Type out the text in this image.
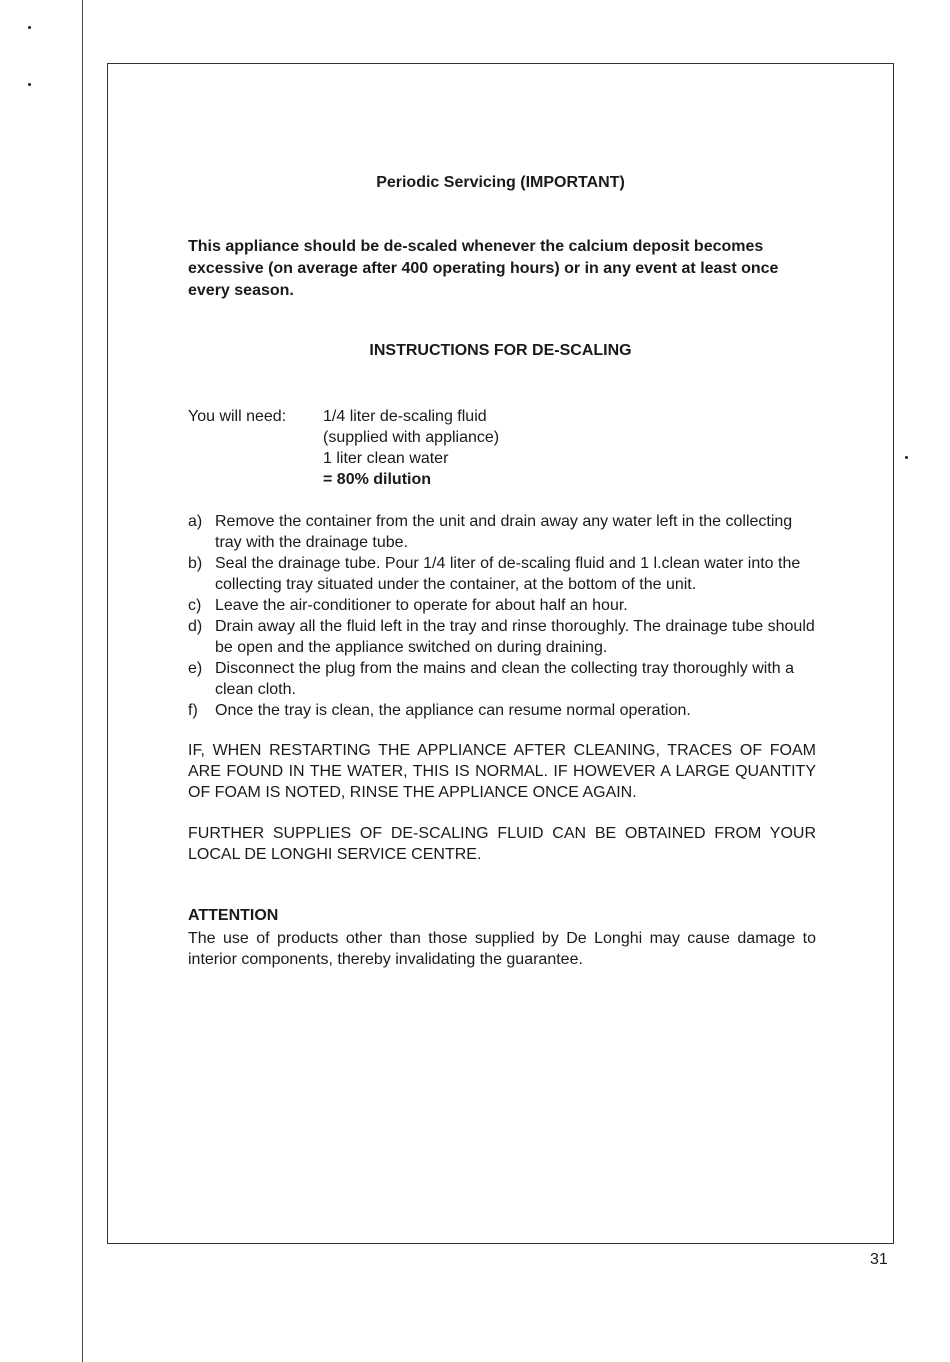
Periodic Servicing (IMPORTANT)
This appliance should be de-scaled whenever the calcium deposit becomes excessive (on average after 400 operating hours) or in any event at least once every season.
INSTRUCTIONS FOR DE-SCALING
You will need: 1/4 liter de-scaling fluid
(supplied with appliance)
1 liter clean water
= 80% dilution
a) Remove the container from the unit and drain away any water left in the collecting tray with the drainage tube.
b) Seal the drainage tube. Pour 1/4 liter of de-scaling fluid and 1 l.clean water into the collecting tray situated under the container, at the bottom of the unit.
c) Leave the air-conditioner to operate for about half an hour.
d) Drain away all the fluid left in the tray and rinse thoroughly. The drainage tube should be open and the appliance switched on during draining.
e) Disconnect the plug from the mains and clean the collecting tray thoroughly with a clean cloth.
f)	Once the tray is clean, the appliance can resume normal operation.
IF, WHEN RESTARTING THE APPLIANCE AFTER CLEANING, TRACES OF FOAM ARE FOUND IN THE WATER, THIS IS NORMAL. IF HOWEVER A LARGE QUANTITY OF FOAM IS NOTED, RINSE THE APPLIANCE ONCE AGAIN.
FURTHER SUPPLIES OF DE-SCALING FLUID CAN BE OBTAINED FROM YOUR LOCAL DE LONGHI SERVICE CENTRE.
ATTENTION
The use of products other than those supplied by De Longhi may cause damage to interior components, thereby invalidating the guarantee.
31
